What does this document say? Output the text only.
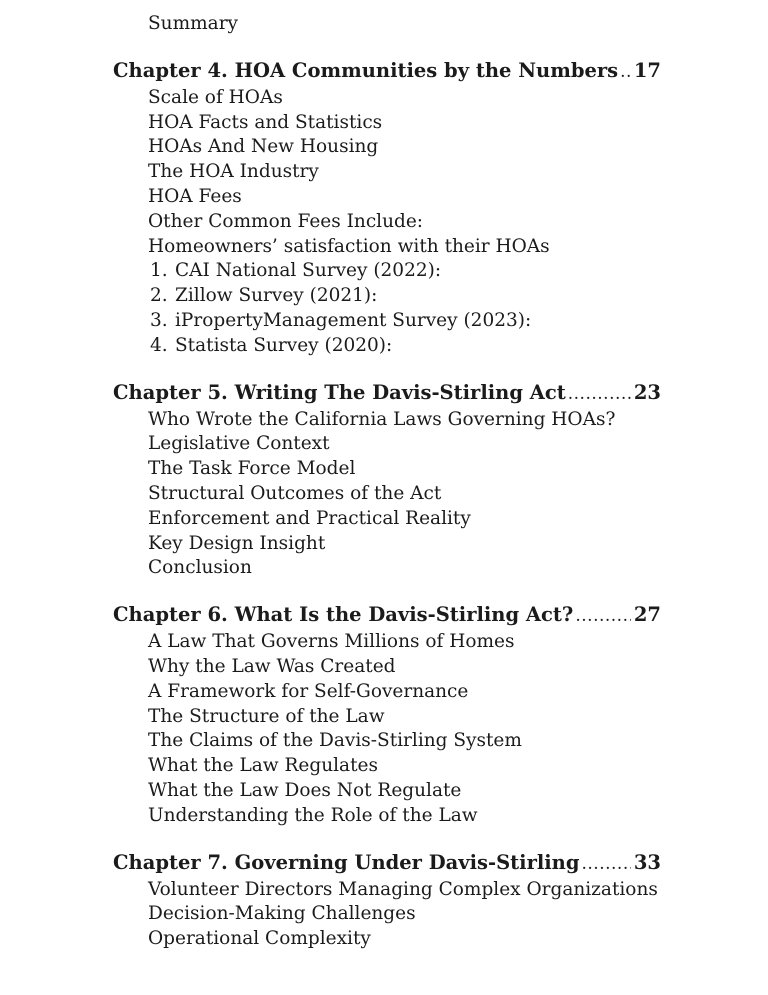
Summary
Chapter 4. HOA Communities by the Numbers ..... 17
Scale of HOAs
HOA Facts and Statistics
HOAs And New Housing
The HOA Industry
HOA Fees
Other Common Fees Include:
Homeowners’ satisfaction with their HOAs
1. CAI National Survey (2022):
2. Zillow Survey (2021):
3. iPropertyManagement Survey (2023):
4. Statista Survey (2020):
Chapter 5. Writing The Davis-Stirling Act .....	23
Who Wrote the California Laws Governing HOAs?
Legislative Context
The Task Force Model
Structural Outcomes of the Act
Enforcement and Practical Reality
Key Design Insight
Conclusion
Chapter 6. What Is the Davis-Stirling Act? .....	27
A Law That Governs Millions of Homes
Why the Law Was Created
A Framework for Self-Governance
The Structure of the Law
The Claims of the Davis-Stirling System
What the Law Regulates
What the Law Does Not Regulate
Understanding the Role of the Law
Chapter 7. Governing Under Davis-Stirling .....	33
Volunteer Directors Managing Complex Organizations
Decision-Making Challenges
Operational Complexity
